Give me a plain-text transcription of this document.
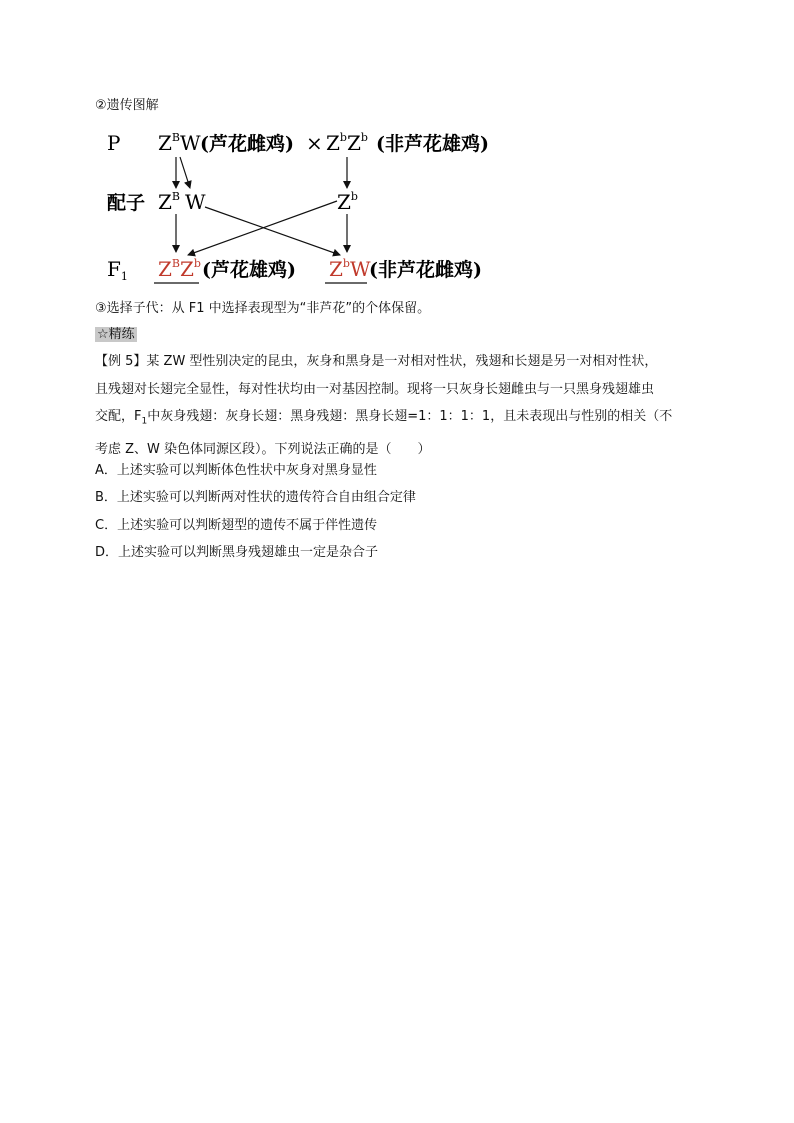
②遗传图解
P $Z^BW$ (芦花雌鸡) × $Z^bZ^b$ (非芦花雄鸡)
配子 $Z^B$ W	$Z^b$
$F_1$ $Z^BZ^b$ (芦花雄鸡) $Z^bW$
(非芦花雌鸡)
③选择子代：从 F1 中选择表现型为“非芦花”的个体保留。
☆精练
【例 5】某 ZW 型性别决定的昆虫，灰身和黑身是一对相对性状，残翅和长翅是另一对相对性状，
且残翅对长翅完全显性，每对性状均由一对基因控制。现将一只灰身长翅雌虫与一只黑身残翅雄虫
交配，$F_1$中灰身残翅：灰身长翅：黑身残翅：黑身长翅=1：1：1：1，且未表现出与性别的相关（不
考虑 Z、W 染色体同源区段）。下列说法正确的是（　　）
A．上述实验可以判断体色性状中灰身对黑身显性
B．上述实验可以判断两对性状的遗传符合自由组合定律
C．上述实验可以判断翅型的遗传不属于伴性遗传
D．上述实验可以判断黑身残翅雄虫一定是杂合子
